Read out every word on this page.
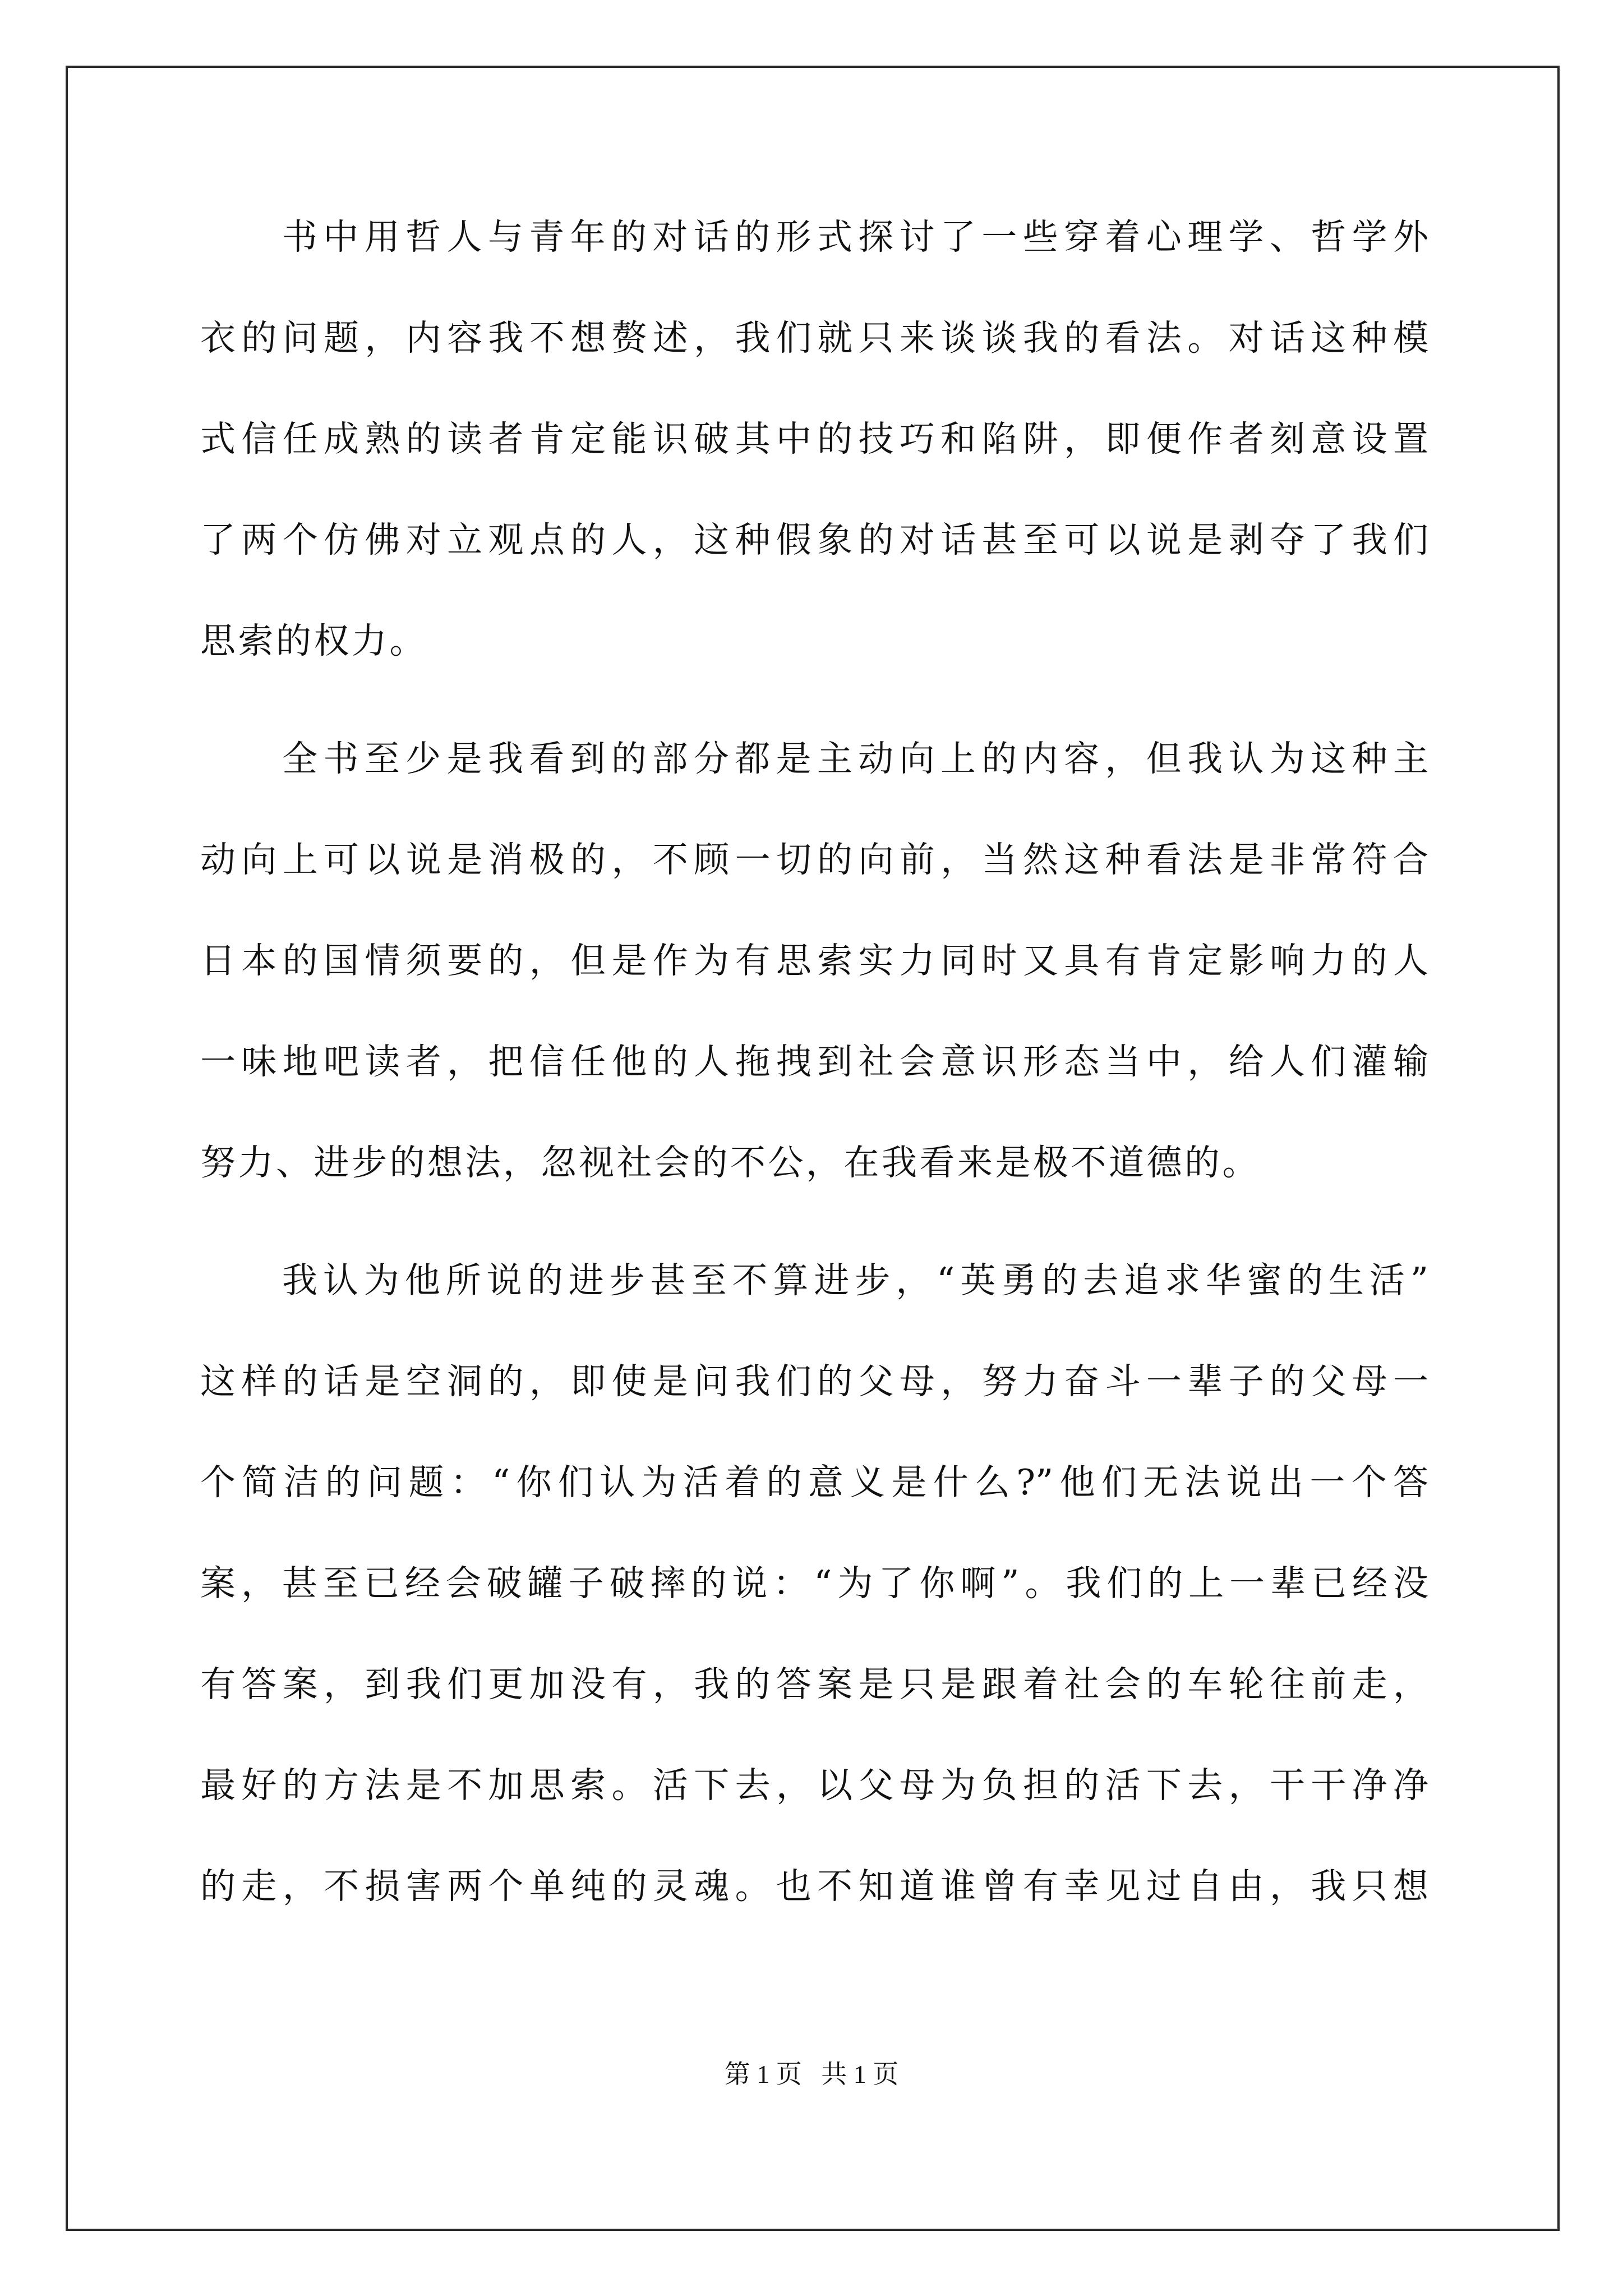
书中用哲人与青年的对话的形式探讨了一些穿着心理学、哲学外
衣的问题，内容我不想赘述，我们就只来谈谈我的看法。对话这种模
式信任成熟的读者肯定能识破其中的技巧和陷阱，即便作者刻意设置
了两个仿佛对立观点的人，这种假象的对话甚至可以说是剥夺了我们
思索的权力。
全书至少是我看到的部分都是主动向上的内容，但我认为这种主
动向上可以说是消极的，不顾一切的向前，当然这种看法是非常符合
日本的国情须要的，但是作为有思索实力同时又具有肯定影响力的人
一味地吧读者，把信任他的人拖拽到社会意识形态当中，给人们灌输
努力、进步的想法，忽视社会的不公，在我看来是极不道德的。
我认为他所说的进步甚至不算进步，“英勇的去追求华蜜的生活”
这样的话是空洞的，即使是问我们的父母，努力奋斗一辈子的父母一
个简洁的问题：“你们认为活着的意义是什么?”他们无法说出一个答
案，甚至已经会破罐子破摔的说：“为了你啊”。我们的上一辈已经没
有答案，到我们更加没有，我的答案是只是跟着社会的车轮往前走，
最好的方法是不加思索。活下去，以父母为负担的活下去，干干净净
的走，不损害两个单纯的灵魂。也不知道谁曾有幸见过自由，我只想
第 1 页   共 1 页
